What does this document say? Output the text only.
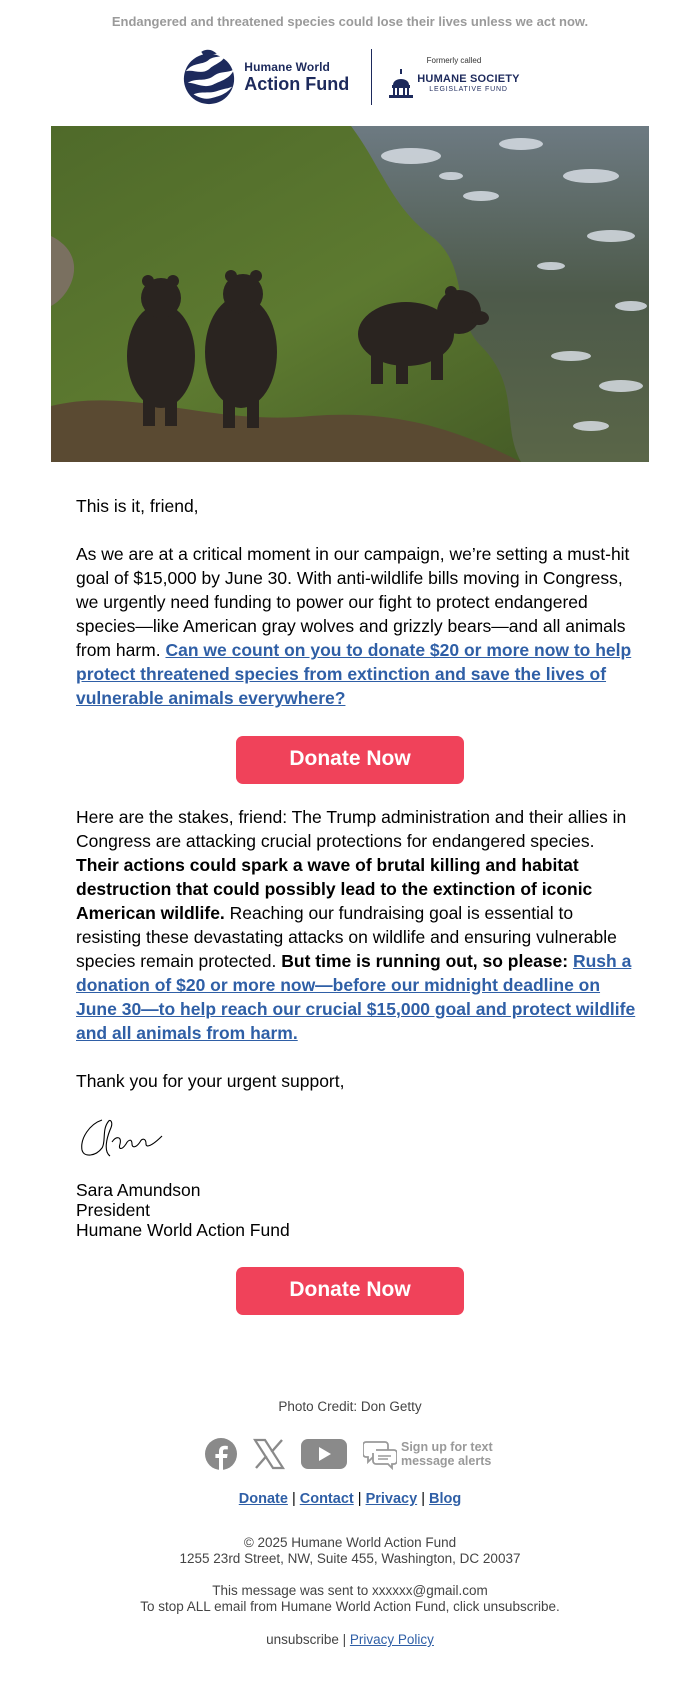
Endangered and threatened species could lose their lives unless we act now.
Humane World
Action Fund
Formerly called
HUMANE SOCIETY
LEGISLATIVE FUND
This is it, friend,
As we are at a critical moment in our campaign, we’re setting a must-hit goal of $15,000 by June 30. With anti-wildlife bills moving in Congress, we urgently need funding to power our fight to protect endangered species—like American gray wolves and grizzly bears—and all animals from harm. Can we count on you to donate $20 or more now to help protect threatened species from extinction and save the lives of vulnerable animals everywhere?
Donate Now
Here are the stakes, friend: The Trump administration and their allies in Congress are attacking crucial protections for endangered species. Their actions could spark a wave of brutal killing and habitat destruction that could possibly lead to the extinction of iconic American wildlife. Reaching our fundraising goal is essential to resisting these devastating attacks on wildlife and ensuring vulnerable species remain protected. But time is running out, so please: Rush a donation of $20 or more now—before our midnight deadline on June 30—to help reach our crucial $15,000 goal and protect wildlife and all animals from harm.
Thank you for your urgent support,
Sara Amundson
President
Humane World Action Fund
Donate Now
Photo Credit: Don Getty
Sign up for text
message alerts
Donate | Contact | Privacy | Blog
© 2025 Humane World Action Fund
1255 23rd Street, NW, Suite 455, Washington, DC 20037
This message was sent to xxxxxx@gmail.com
To stop ALL email from Humane World Action Fund, click unsubscribe.
unsubscribe | Privacy Policy
